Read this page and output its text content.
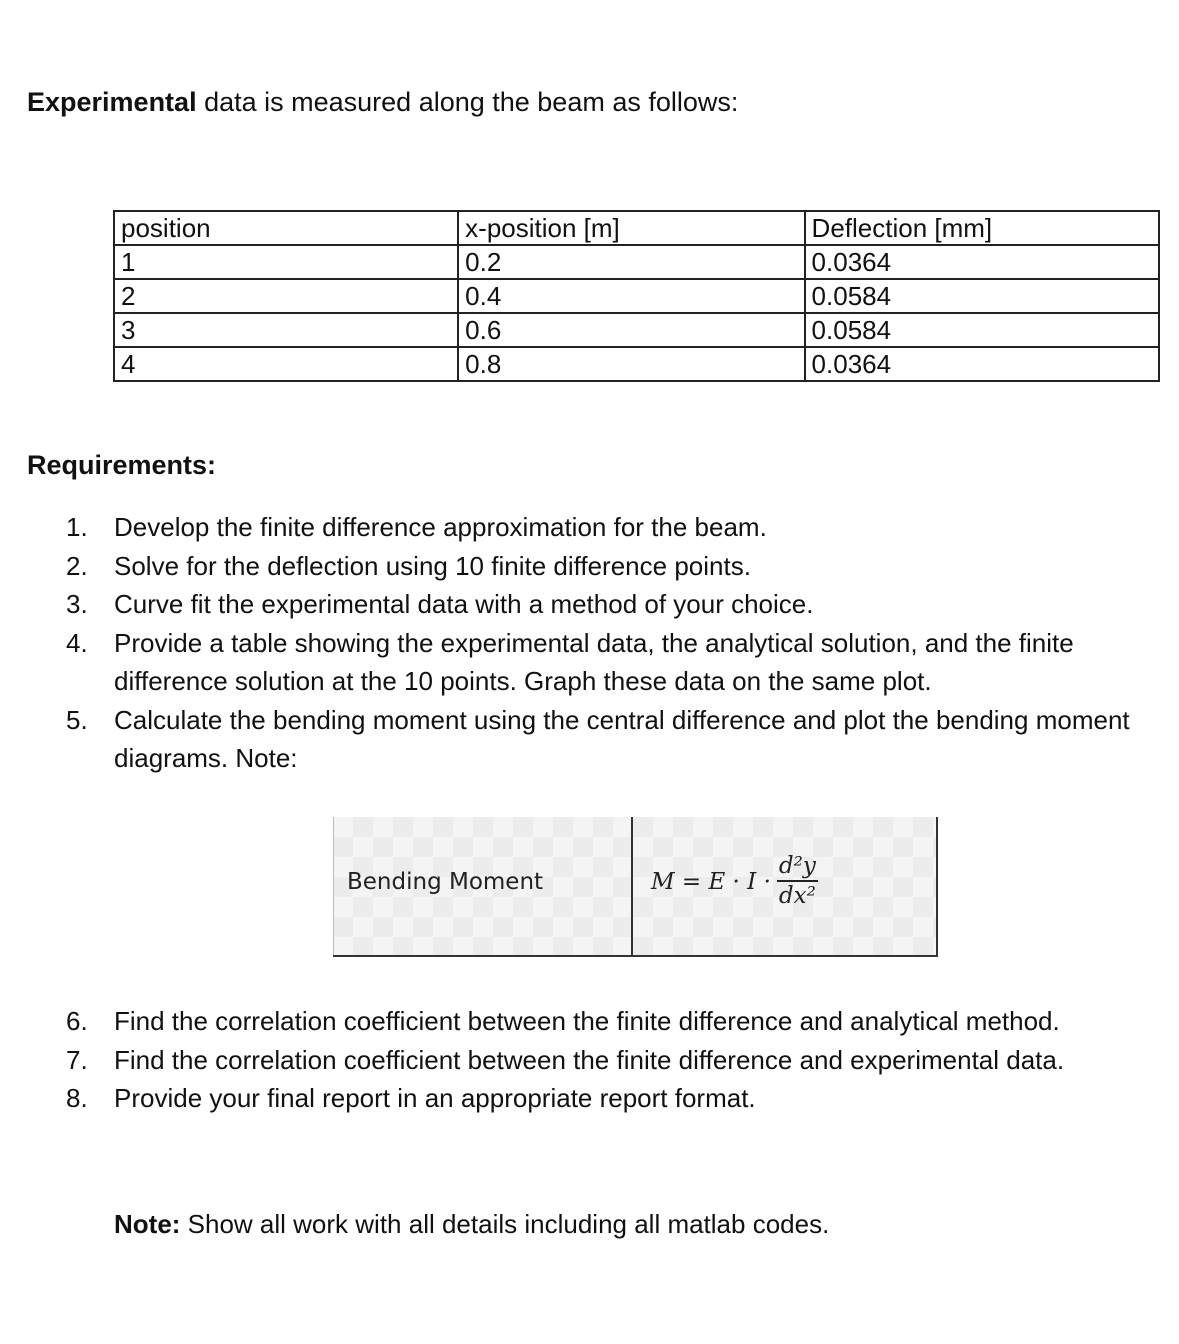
Experimental data is measured along the beam as follows:
position	x-position [m]	Deflection [mm]
1	0.2	0.0364
2	0.4	0.0584
3	0.6	0.0584
4	0.8	0.0364
Requirements:
1. Develop the finite difference approximation for the beam.
2. Solve for the deflection using 10 finite difference points.
3. Curve fit the experimental data with a method of your choice.
4. Provide a table showing the experimental data, the analytical solution, and the finite difference solution at the 10 points. Graph these data on the same plot.
5. Calculate the bending moment using the central difference and plot the bending moment diagrams. Note:
Bending Moment	$M = E \cdot I \cdot \frac{\text{d²y}}{\text{dx²}}$
6. Find the correlation coefficient between the finite difference and analytical method.
7. Find the correlation coefficient between the finite difference and experimental data.
8. Provide your final report in an appropriate report format.
Note: Show all work with all details including all matlab codes.
